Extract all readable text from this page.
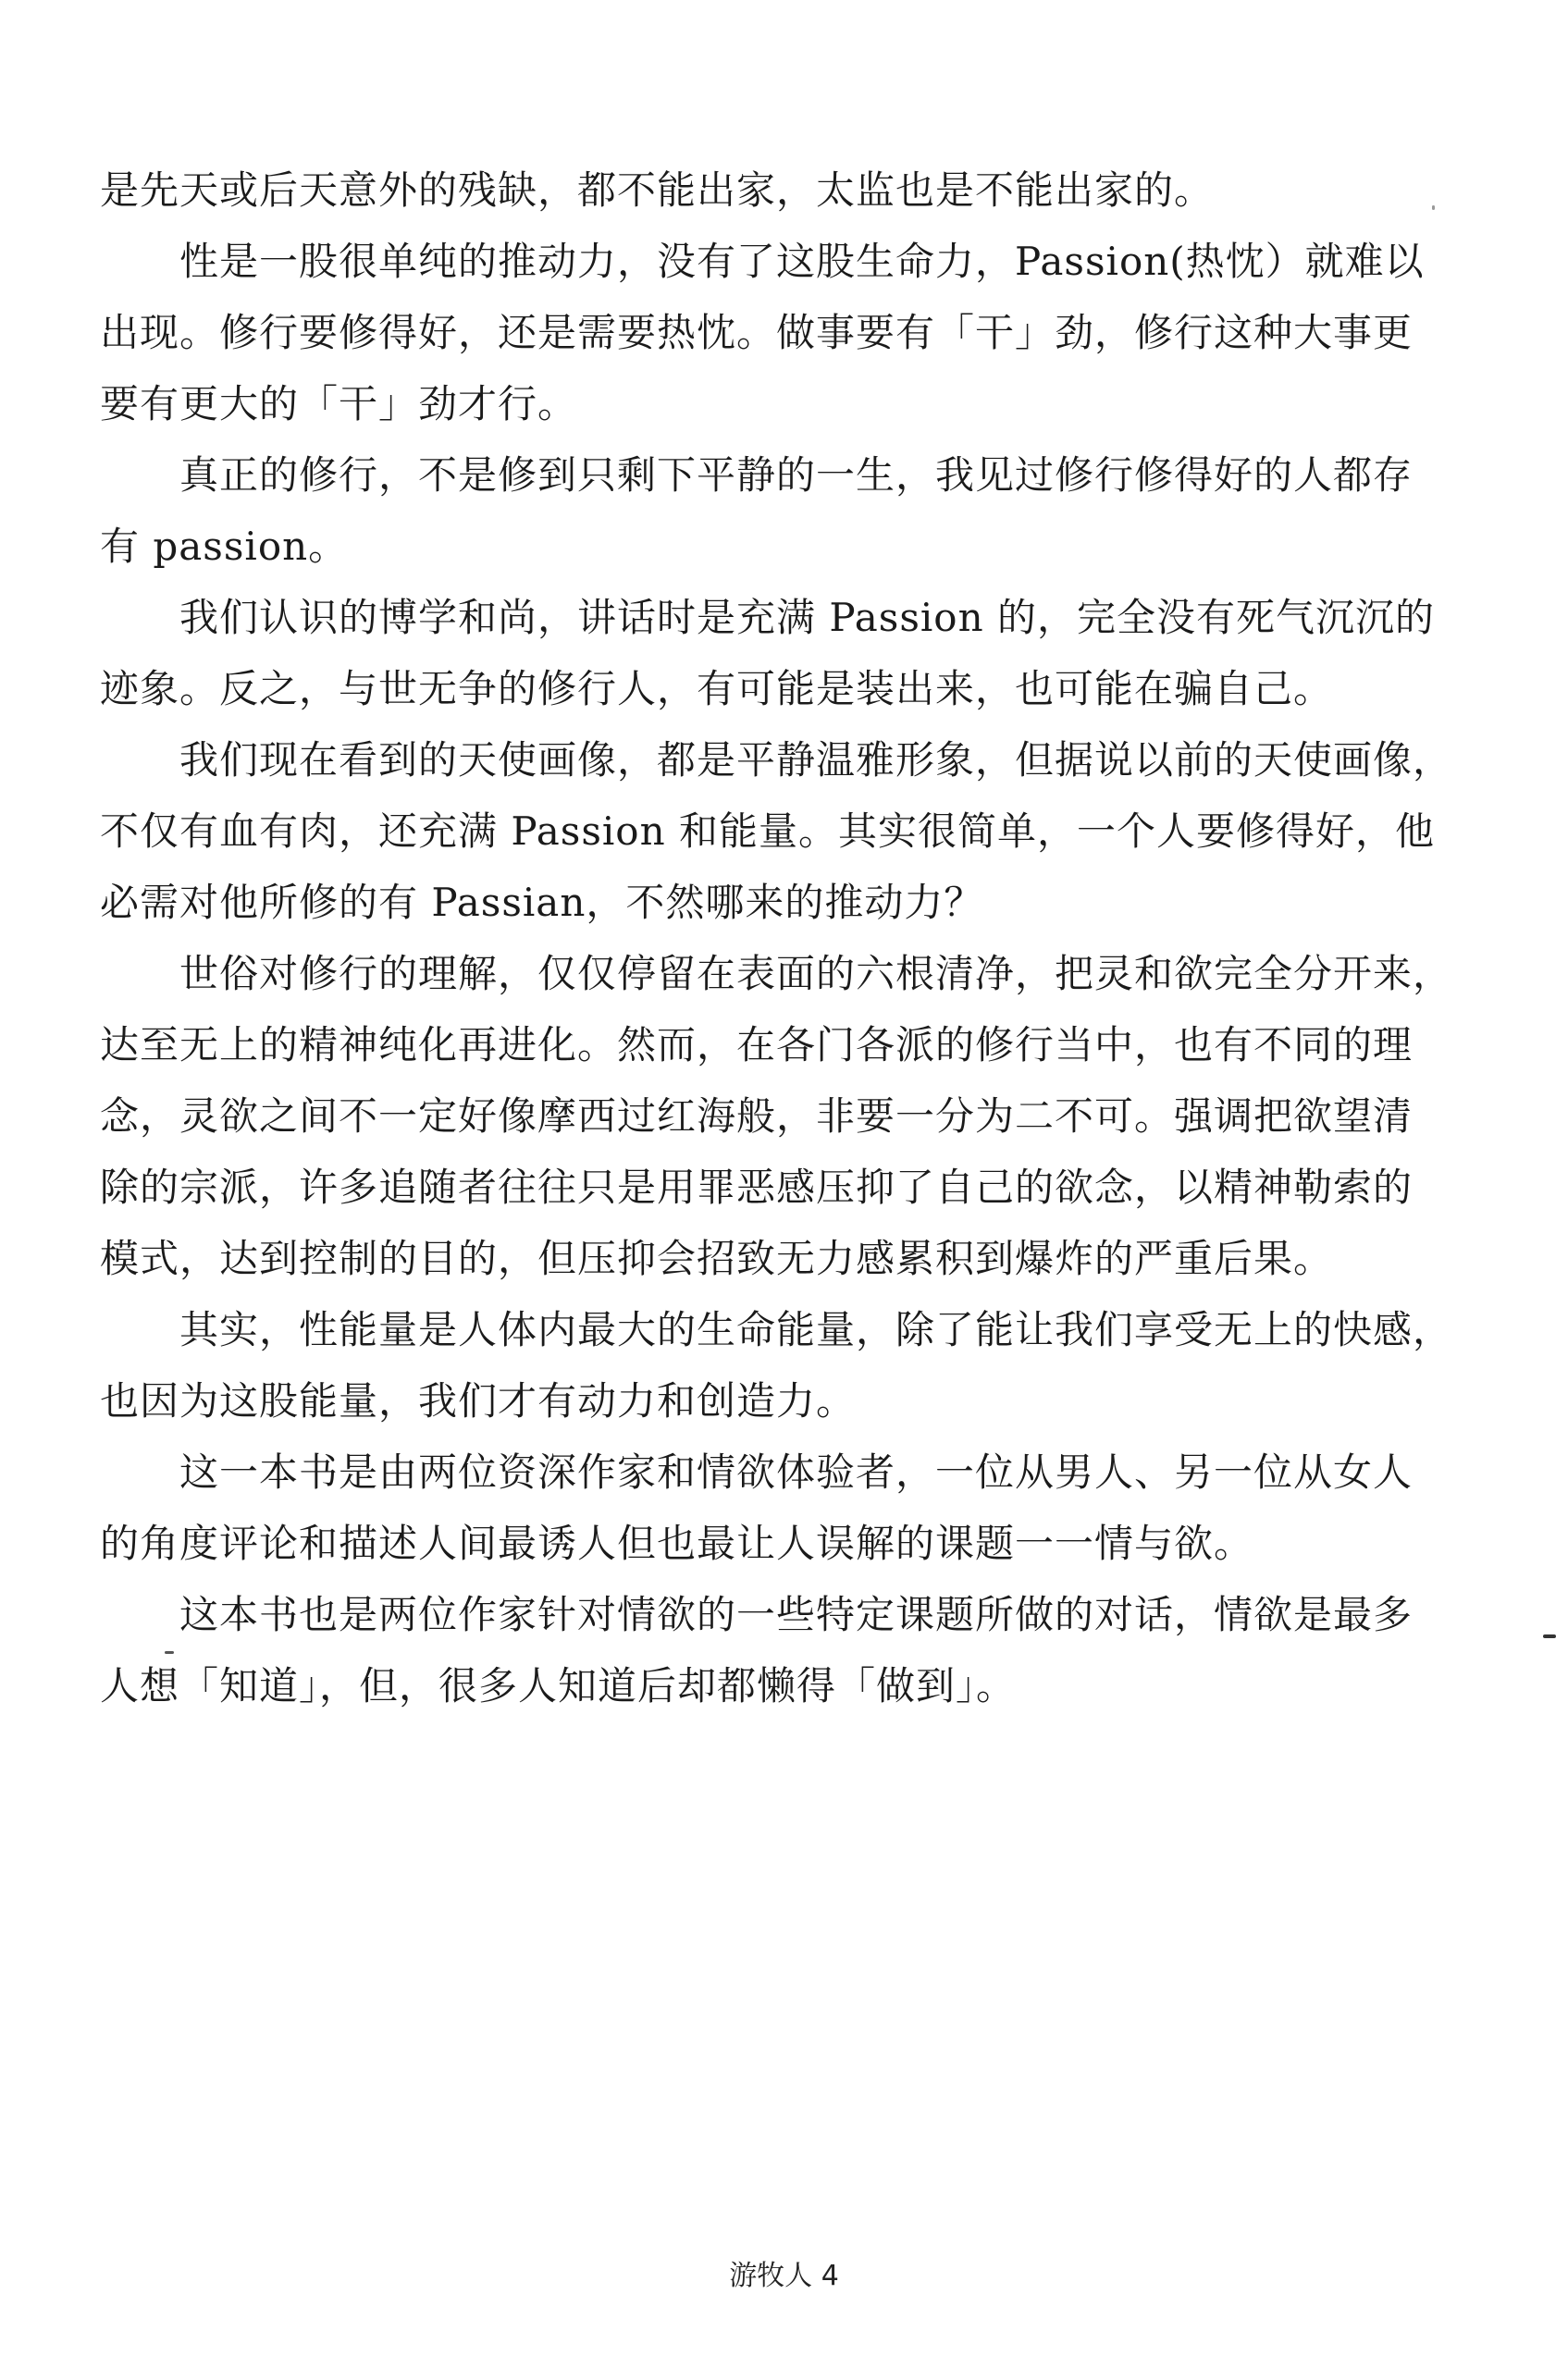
是先天或后天意外的残缺，都不能出家，太监也是不能出家的。
性是一股很单纯的推动力，没有了这股生命力，Passion(热忱）就难以
出现。修行要修得好，还是需要热忱。做事要有「干」劲，修行这种大事更
要有更大的「干」劲才行。
真正的修行，不是修到只剩下平静的一生，我见过修行修得好的人都存
有 passion。
我们认识的博学和尚，讲话时是充满 Passion 的，完全没有死气沉沉的
迹象。反之，与世无争的修行人，有可能是装出来，也可能在骗自己。
我们现在看到的天使画像，都是平静温雅形象，但据说以前的天使画像，
不仅有血有肉，还充满 Passion 和能量。其实很简单，一个人要修得好，他
必需对他所修的有 Passian，不然哪来的推动力？
世俗对修行的理解，仅仅停留在表面的六根清净，把灵和欲完全分开来，
达至无上的精神纯化再进化。然而，在各门各派的修行当中，也有不同的理
念，灵欲之间不一定好像摩西过红海般，非要一分为二不可。强调把欲望清
除的宗派，许多追随者往往只是用罪恶感压抑了自己的欲念，以精神勒索的
模式，达到控制的目的，但压抑会招致无力感累积到爆炸的严重后果。
其实，性能量是人体内最大的生命能量，除了能让我们享受无上的快感，
也因为这股能量，我们才有动力和创造力。
这一本书是由两位资深作家和情欲体验者，一位从男人、另一位从女人
的角度评论和描述人间最诱人但也最让人误解的课题一一情与欲。
这本书也是两位作家针对情欲的一些特定课题所做的对话，情欲是最多
人想「知道」，但，很多人知道后却都懒得「做到」。
游牧人 4
